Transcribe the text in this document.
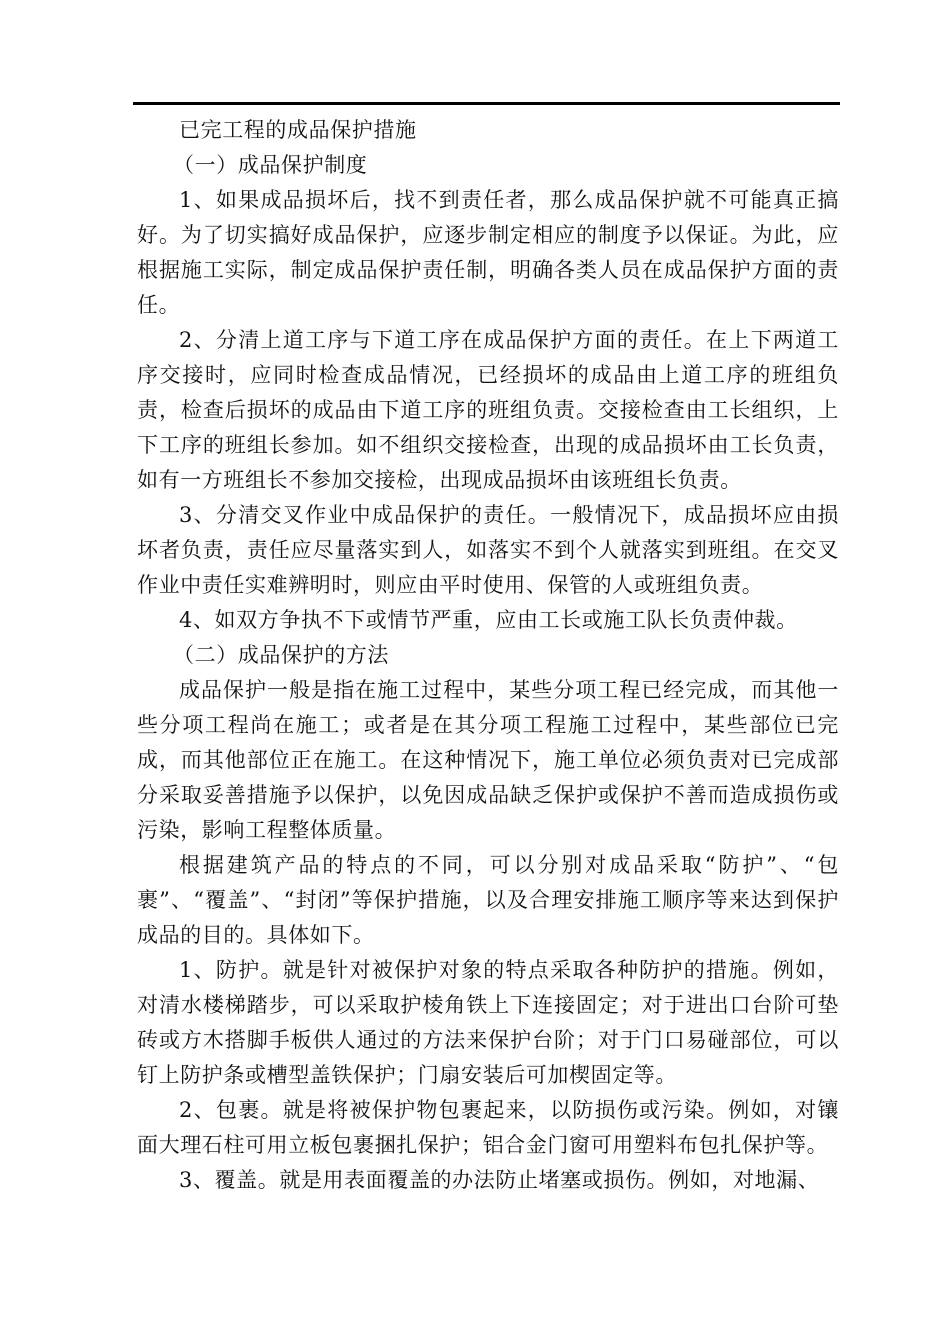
已完工程的成品保护措施

（一）成品保护制度

1、如果成品损坏后，找不到责任者，那么成品保护就不可能真正搞好。为了切实搞好成品保护，应逐步制定相应的制度予以保证。为此，应根据施工实际，制定成品保护责任制，明确各类人员在成品保护方面的责任。

2、分清上道工序与下道工序在成品保护方面的责任。在上下两道工序交接时，应同时检查成品情况，已经损坏的成品由上道工序的班组负责，检查后损坏的成品由下道工序的班组负责。交接检查由工长组织，上下工序的班组长参加。如不组织交接检查，出现的成品损坏由工长负责，如有一方班组长不参加交接检，出现成品损坏由该班组长负责。

3、分清交叉作业中成品保护的责任。一般情况下，成品损坏应由损坏者负责，责任应尽量落实到人，如落实不到个人就落实到班组。在交叉作业中责任实难辨明时，则应由平时使用、保管的人或班组负责。

4、如双方争执不下或情节严重，应由工长或施工队长负责仲裁。

（二）成品保护的方法

成品保护一般是指在施工过程中，某些分项工程已经完成，而其他一些分项工程尚在施工；或者是在其分项工程施工过程中，某些部位已完成，而其他部位正在施工。在这种情况下，施工单位必须负责对已完成部分采取妥善措施予以保护，以免因成品缺乏保护或保护不善而造成损伤或污染，影响工程整体质量。

根据建筑产品的特点的不同，可以分别对成品采取“防护”、“包裹”、“覆盖”、“封闭”等保护措施，以及合理安排施工顺序等来达到保护成品的目的。具体如下。

1、防护。就是针对被保护对象的特点采取各种防护的措施。例如，对清水楼梯踏步，可以采取护棱角铁上下连接固定；对于进出口台阶可垫砖或方木搭脚手板供人通过的方法来保护台阶；对于门口易碰部位，可以钉上防护条或槽型盖铁保护；门扇安装后可加楔固定等。

2、包裹。就是将被保护物包裹起来，以防损伤或污染。例如，对镶面大理石柱可用立板包裹捆扎保护；铝合金门窗可用塑料布包扎保护等。

3、覆盖。就是用表面覆盖的办法防止堵塞或损伤。例如，对地漏、
